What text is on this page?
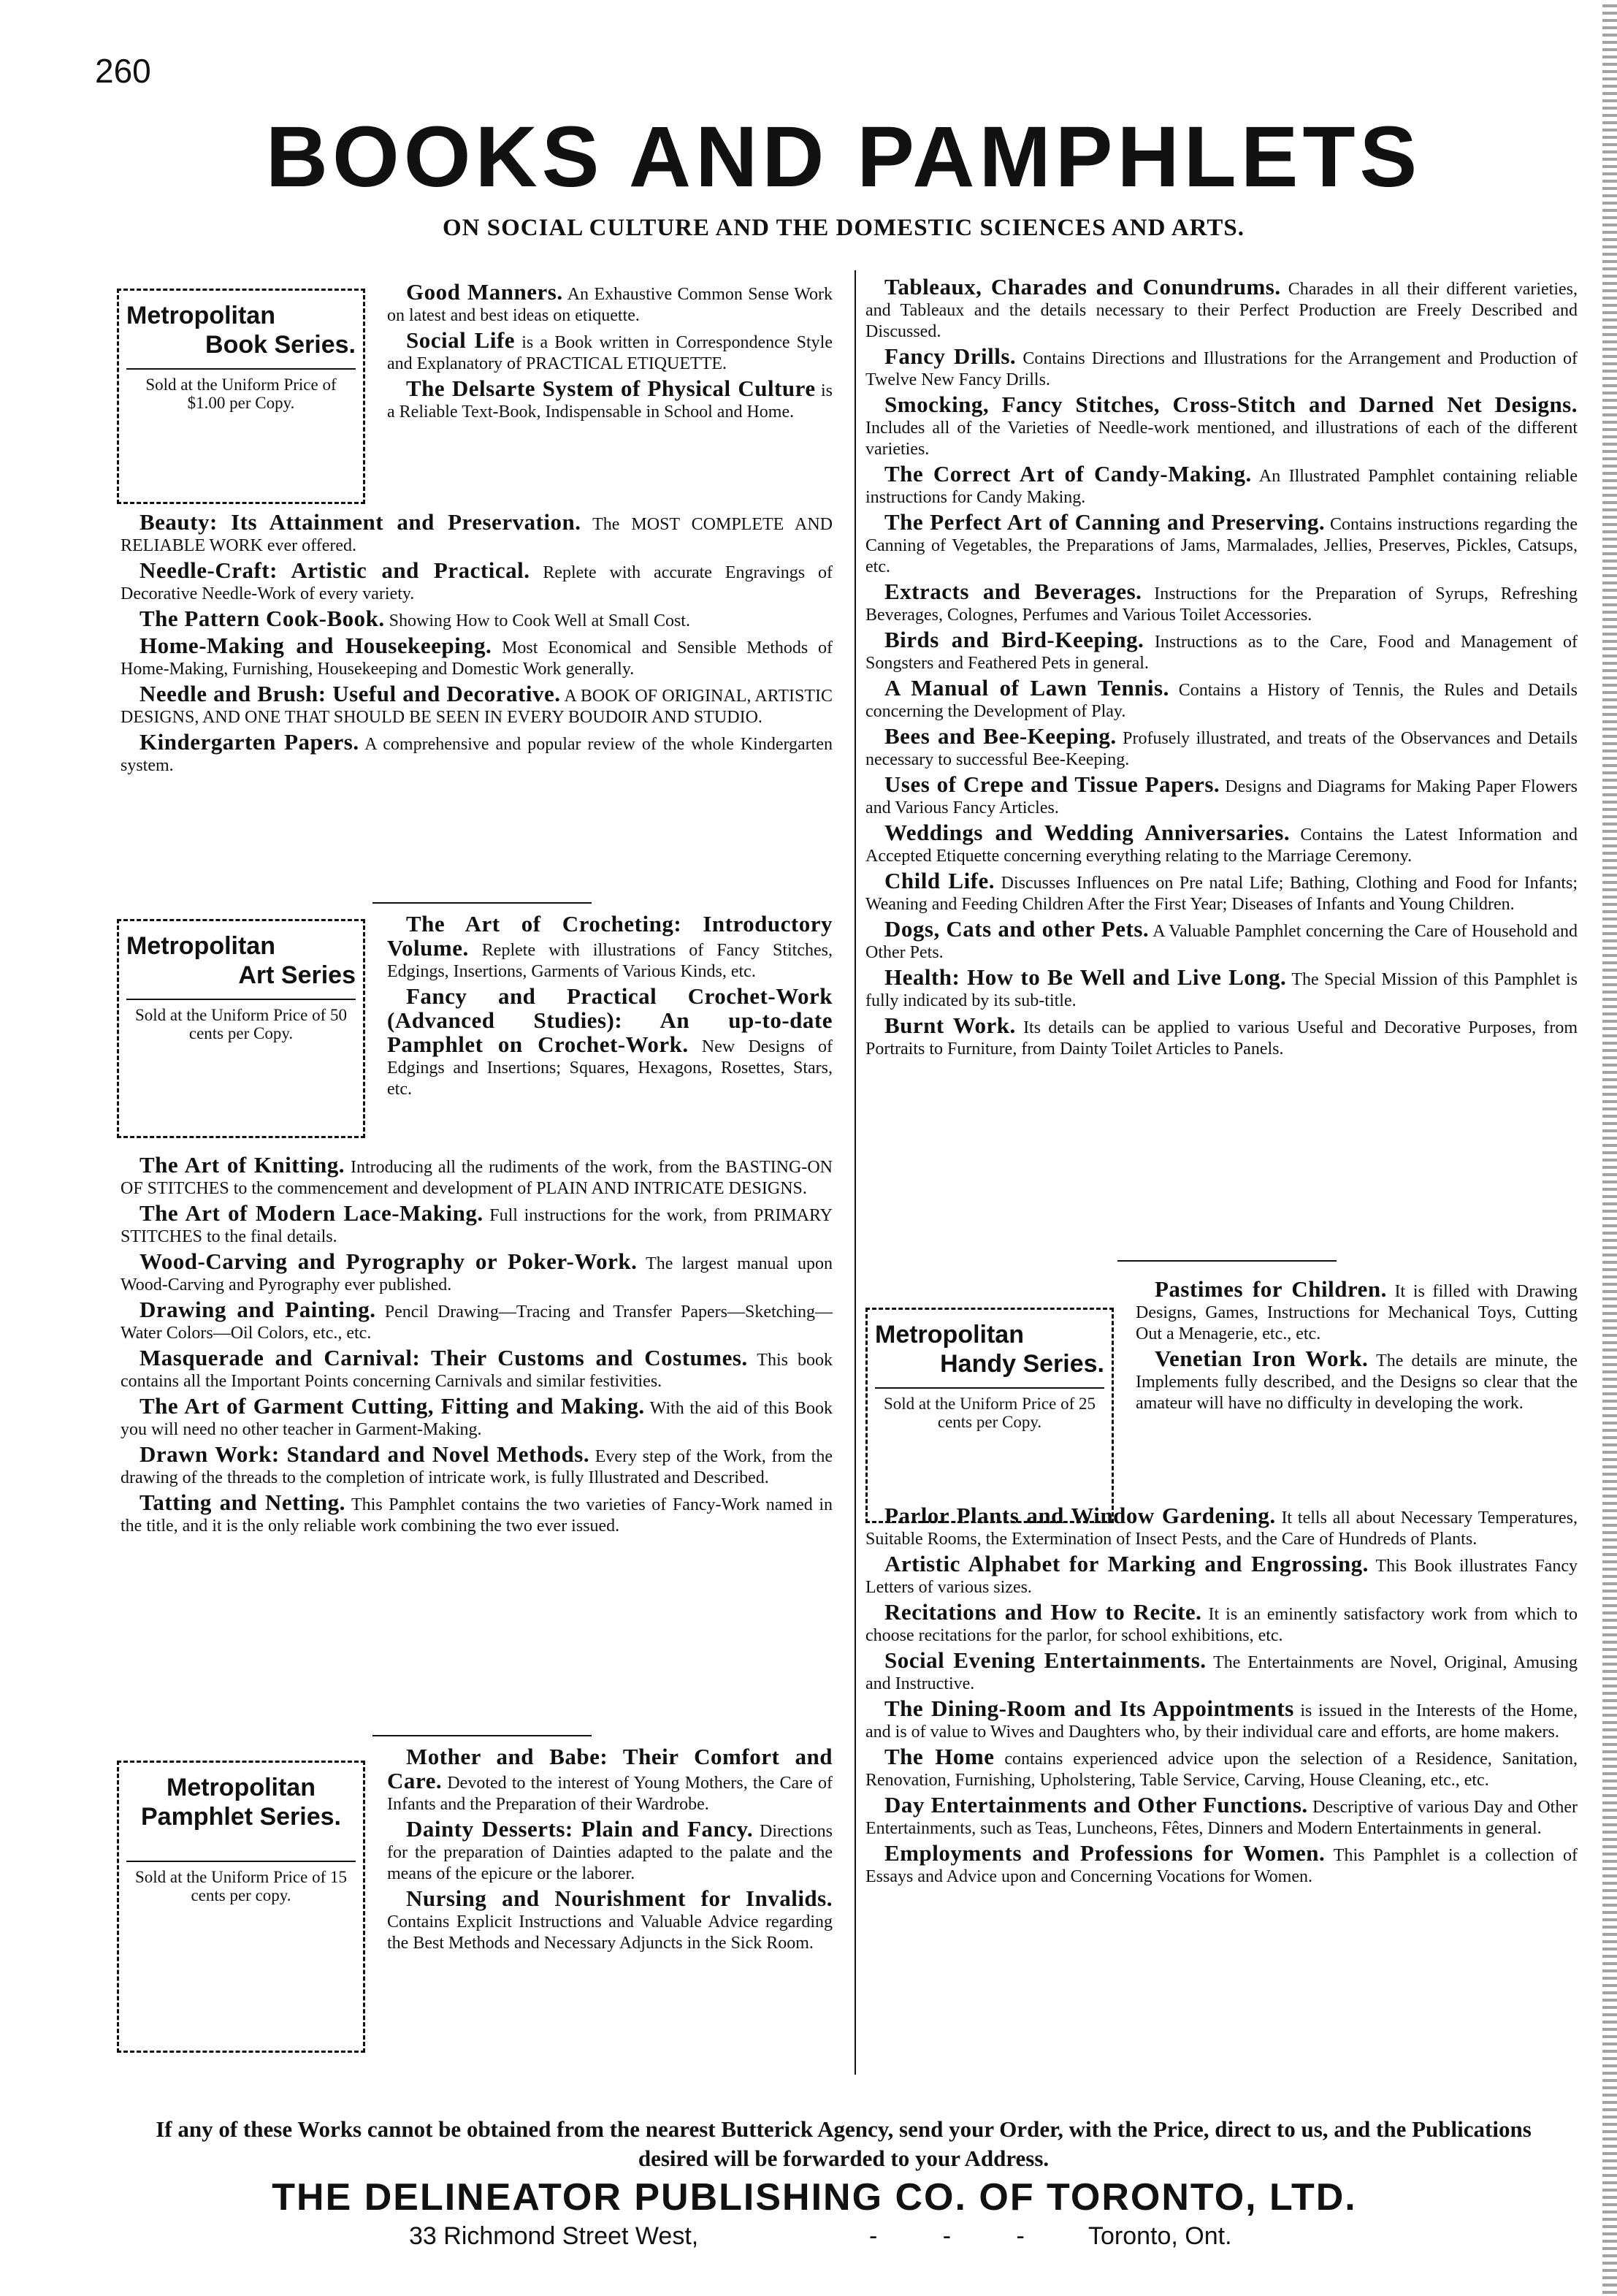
260
BOOKS AND PAMPHLETS
ON SOCIAL CULTURE AND THE DOMESTIC SCIENCES AND ARTS.
Metropolitan
Book Series.
Sold at the Uniform Price of $1.00 per Copy.
Metropolitan
Art Series
Sold at the Uniform Price of 50 cents per Copy.
Metropolitan
Handy Series.
Sold at the Uniform Price of 25 cents per Copy.
Metropolitan
Pamphlet Series.
Sold at the Uniform Price of 15 cents per copy.

Good Manners. An Exhaustive Common Sense Work on latest and best ideas on etiquette.

Social Life is a Book written in Correspondence Style and Explanatory of PRACTICAL ETIQUETTE.

The Delsarte System of Physical Culture is a Reliable Text-Book, Indispensable in School and Home.

Beauty: Its Attainment and Preservation. The MOST COMPLETE AND RELIABLE WORK ever offered.

Needle-Craft: Artistic and Practical. Replete with accurate Engravings of Decorative Needle-Work of every variety.

The Pattern Cook-Book. Showing How to Cook Well at Small Cost.

Home-Making and Housekeeping. Most Economical and Sensible Methods of Home-Making, Furnishing, Housekeeping and Domestic Work generally.

Needle and Brush: Useful and Decorative. A BOOK OF ORIGINAL, ARTISTIC DESIGNS, AND ONE THAT SHOULD BE SEEN IN EVERY BOUDOIR AND STUDIO.

Kindergarten Papers. A comprehensive and popular review of the whole Kindergarten system.

The Art of Crocheting: Introductory Volume. Replete with illustrations of Fancy Stitches, Edgings, Insertions, Garments of Various Kinds, etc.

Fancy and Practical Crochet-Work (Advanced Studies): An up-to-date Pamphlet on Crochet-Work. New Designs of Edgings and Insertions; Squares, Hexagons, Rosettes, Stars, etc.

The Art of Knitting. Introducing all the rudiments of the work, from the BASTING-ON OF STITCHES to the commencement and development of PLAIN AND INTRICATE DESIGNS.

The Art of Modern Lace-Making. Full instructions for the work, from PRIMARY STITCHES to the final details.

Wood-Carving and Pyrography or Poker-Work. The largest manual upon Wood-Carving and Pyrography ever published.

Drawing and Painting. Pencil Drawing—Tracing and Transfer Papers—Sketching—Water Colors—Oil Colors, etc., etc.

Masquerade and Carnival: Their Customs and Costumes. This book contains all the Important Points concerning Carnivals and similar festivities.

The Art of Garment Cutting, Fitting and Making. With the aid of this Book you will need no other teacher in Garment-Making.

Drawn Work: Standard and Novel Methods. Every step of the Work, from the drawing of the threads to the completion of intricate work, is fully Illustrated and Described.

Tatting and Netting. This Pamphlet contains the two varieties of Fancy-Work named in the title, and it is the only reliable work combining the two ever issued.

Mother and Babe: Their Comfort and Care. Devoted to the interest of Young Mothers, the Care of Infants and the Preparation of their Wardrobe.

Dainty Desserts: Plain and Fancy. Directions for the preparation of Dainties adapted to the palate and the means of the epicure or the laborer.

Nursing and Nourishment for Invalids. Contains Explicit Instructions and Valuable Advice regarding the Best Methods and Necessary Adjuncts in the Sick Room.

Tableaux, Charades and Conundrums. Charades in all their different varieties, and Tableaux and the details necessary to their Perfect Production are Freely Described and Discussed.

Fancy Drills. Contains Directions and Illustrations for the Arrangement and Production of Twelve New Fancy Drills.

Smocking, Fancy Stitches, Cross-Stitch and Darned Net Designs. Includes all of the Varieties of Needle-work mentioned, and illustrations of each of the different varieties.

The Correct Art of Candy-Making. An Illustrated Pamphlet containing reliable instructions for Candy Making.

The Perfect Art of Canning and Preserving. Contains instructions regarding the Canning of Vegetables, the Preparations of Jams, Marmalades, Jellies, Preserves, Pickles, Catsups, etc.

Extracts and Beverages. Instructions for the Preparation of Syrups, Refreshing Beverages, Colognes, Perfumes and Various Toilet Accessories.

Birds and Bird-Keeping. Instructions as to the Care, Food and Management of Songsters and Feathered Pets in general.

A Manual of Lawn Tennis. Contains a History of Tennis, the Rules and Details concerning the Development of Play.

Bees and Bee-Keeping. Profusely illustrated, and treats of the Observances and Details necessary to successful Bee-Keeping.

Uses of Crepe and Tissue Papers. Designs and Diagrams for Making Paper Flowers and Various Fancy Articles.

Weddings and Wedding Anniversaries. Contains the Latest Information and Accepted Etiquette concerning everything relating to the Marriage Ceremony.

Child Life. Discusses Influences on Pre natal Life; Bathing, Clothing and Food for Infants; Weaning and Feeding Children After the First Year; Diseases of Infants and Young Children.

Dogs, Cats and other Pets. A Valuable Pamphlet concerning the Care of Household and Other Pets.

Health: How to Be Well and Live Long. The Special Mission of this Pamphlet is fully indicated by its sub-title.

Burnt Work. Its details can be applied to various Useful and Decorative Purposes, from Portraits to Furniture, from Dainty Toilet Articles to Panels.

Pastimes for Children. It is filled with Drawing Designs, Games, Instructions for Mechanical Toys, Cutting Out a Menagerie, etc., etc.

Venetian Iron Work. The details are minute, the Implements fully described, and the Designs so clear that the amateur will have no difficulty in developing the work.

Parlor Plants and Window Gardening. It tells all about Necessary Temperatures, Suitable Rooms, the Extermination of Insect Pests, and the Care of Hundreds of Plants.

Artistic Alphabet for Marking and Engrossing. This Book illustrates Fancy Letters of various sizes.

Recitations and How to Recite. It is an eminently satisfactory work from which to choose recitations for the parlor, for school exhibitions, etc.

Social Evening Entertainments. The Entertainments are Novel, Original, Amusing and Instructive.

The Dining-Room and Its Appointments is issued in the Interests of the Home, and is of value to Wives and Daughters who, by their individual care and efforts, are home makers.

The Home contains experienced advice upon the selection of a Residence, Sanitation, Renovation, Furnishing, Upholstering, Table Service, Carving, House Cleaning, etc., etc.

Day Entertainments and Other Functions. Descriptive of various Day and Other Entertainments, such as Teas, Luncheons, Fêtes, Dinners and Modern Entertainments in general.

Employments and Professions for Women. This Pamphlet is a collection of Essays and Advice upon and Concerning Vocations for Women.

If any of these Works cannot be obtained from the nearest Butterick Agency, send your Order, with the Price, direct to us, and the Publications desired will be forwarded to your Address.
THE DELINEATOR PUBLISHING CO. OF TORONTO, LTD.
33 Richmond Street West,	- - - Toronto, Ont.
